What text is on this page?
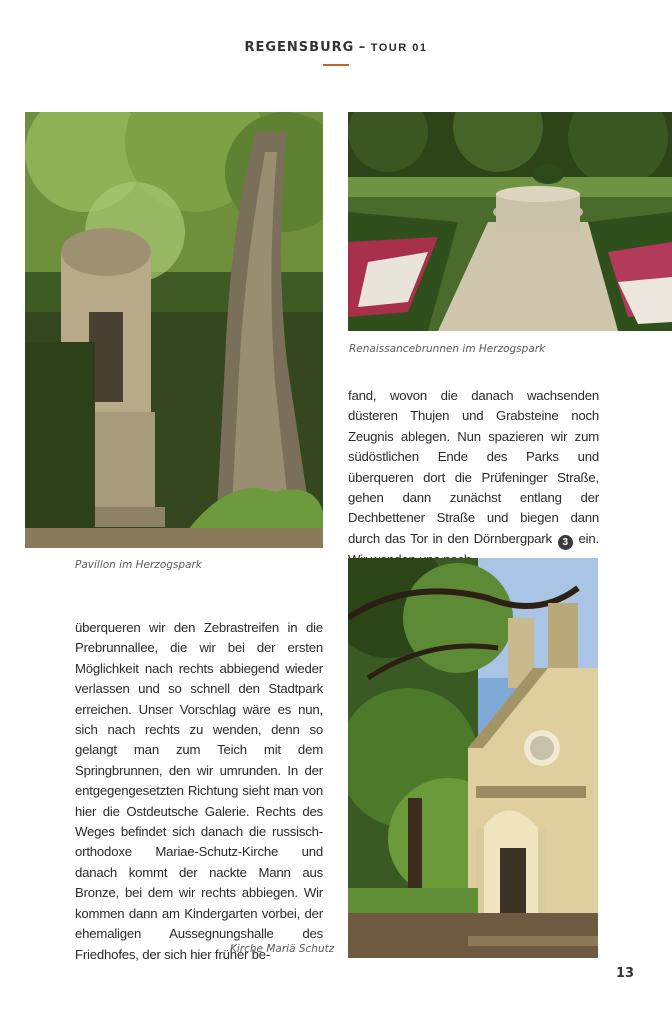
REGENSBURG – TOUR 01
Pavillon im Herzogspark
Renaissancebrunnen im Herzogspark

fand, wovon die danach wachsenden düsteren Thujen und Grabsteine noch Zeugnis ablegen. Nun spazieren wir zum südöstlichen Ende des Parks und überqueren dort die Prüfeninger Straße, gehen dann zunächst entlang der Dechbettener Straße und biegen dann durch das Tor in den Dörnbergpark 3 ein.

überqueren wir den Zebrastreifen in die Prebrunnallee, die wir bei der ersten Möglichkeit nach rechts abbiegend wieder verlassen und so schnell den Stadtpark erreichen. Unser Vorschlag wäre es nun, sich nach rechts zu wenden, denn so gelangt man zum Teich mit dem Springbrunnen, den wir umrunden. In der entgegengesetzten Richtung sieht man von hier die Ostdeutsche Galerie. Rechts des Weges befindet sich danach die russisch-orthodoxe Mariae-Schutz-Kirche und danach kommt der nackte Mann aus Bronze, bei dem wir rechts abbiegen. Wir kommen dann am Kindergarten vorbei, der ehemaligen Aussegnungshalle des Friedhofes, der sich hier früher be-

Kirche Mariä Schutz
13
